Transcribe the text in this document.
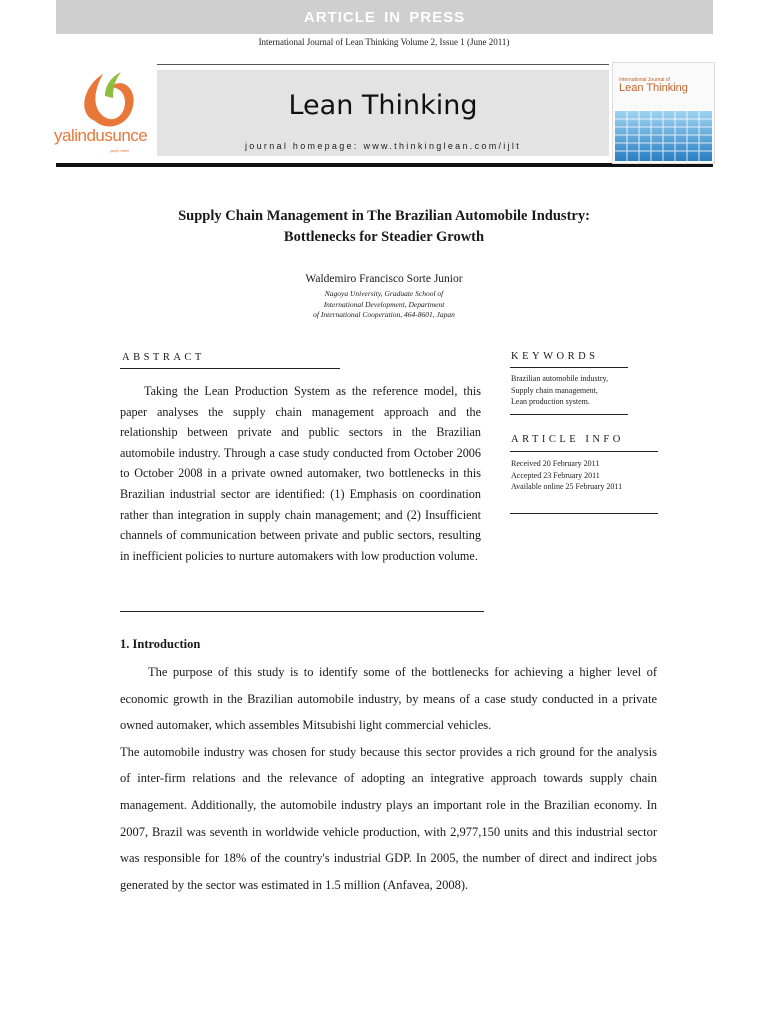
ARTICLE IN PRESS
International Journal of Lean Thinking Volume 2, Issue 1 (June 2011)
yalindusunce
yayin tarihi
Lean Thinking
journal homepage: www.thinkinglean.com/ijlt
International Journal of
Lean Thinking
Supply Chain Management in The Brazilian Automobile Industry:
Bottlenecks for Steadier Growth
Waldemiro Francisco Sorte Junior
Nagoya University, Graduate School of
International Development, Department
of International Cooperation, 464-8601, Japan
ABSTRACT

Taking the Lean Production System as the reference model, this paper analyses the supply chain management approach and the relationship between private and public sectors in the Brazilian automobile industry. Through a case study conducted from October 2006 to October 2008 in a private owned automaker, two bottlenecks in this Brazilian industrial sector are identified: (1) Emphasis on coordination rather than integration in supply chain management; and (2) Insufficient channels of communication between private and public sectors, resulting in inefficient policies to nurture automakers with low production volume.

KEYWORDS
Brazilian automobile industry,
Supply chain management,
Lean production system.
ARTICLE INFO
Received 20 February 2011
Accepted 23 February 2011
Available online 25 February 2011
1. Introduction

The purpose of this study is to identify some of the bottlenecks for achieving a higher level of economic growth in the Brazilian automobile industry, by means of a case study conducted in a private owned automaker, which assembles Mitsubishi light commercial vehicles.

The automobile industry was chosen for study because this sector provides a rich ground for the analysis of inter-firm relations and the relevance of adopting an integrative approach towards supply chain management. Additionally, the automobile industry plays an important role in the Brazilian economy. In 2007, Brazil was seventh in worldwide vehicle production, with 2,977,150 units and this industrial sector was responsible for 18% of the country's industrial GDP. In 2005, the number of direct and indirect jobs generated by the sector was estimated in 1.5 million (Anfavea, 2008).
